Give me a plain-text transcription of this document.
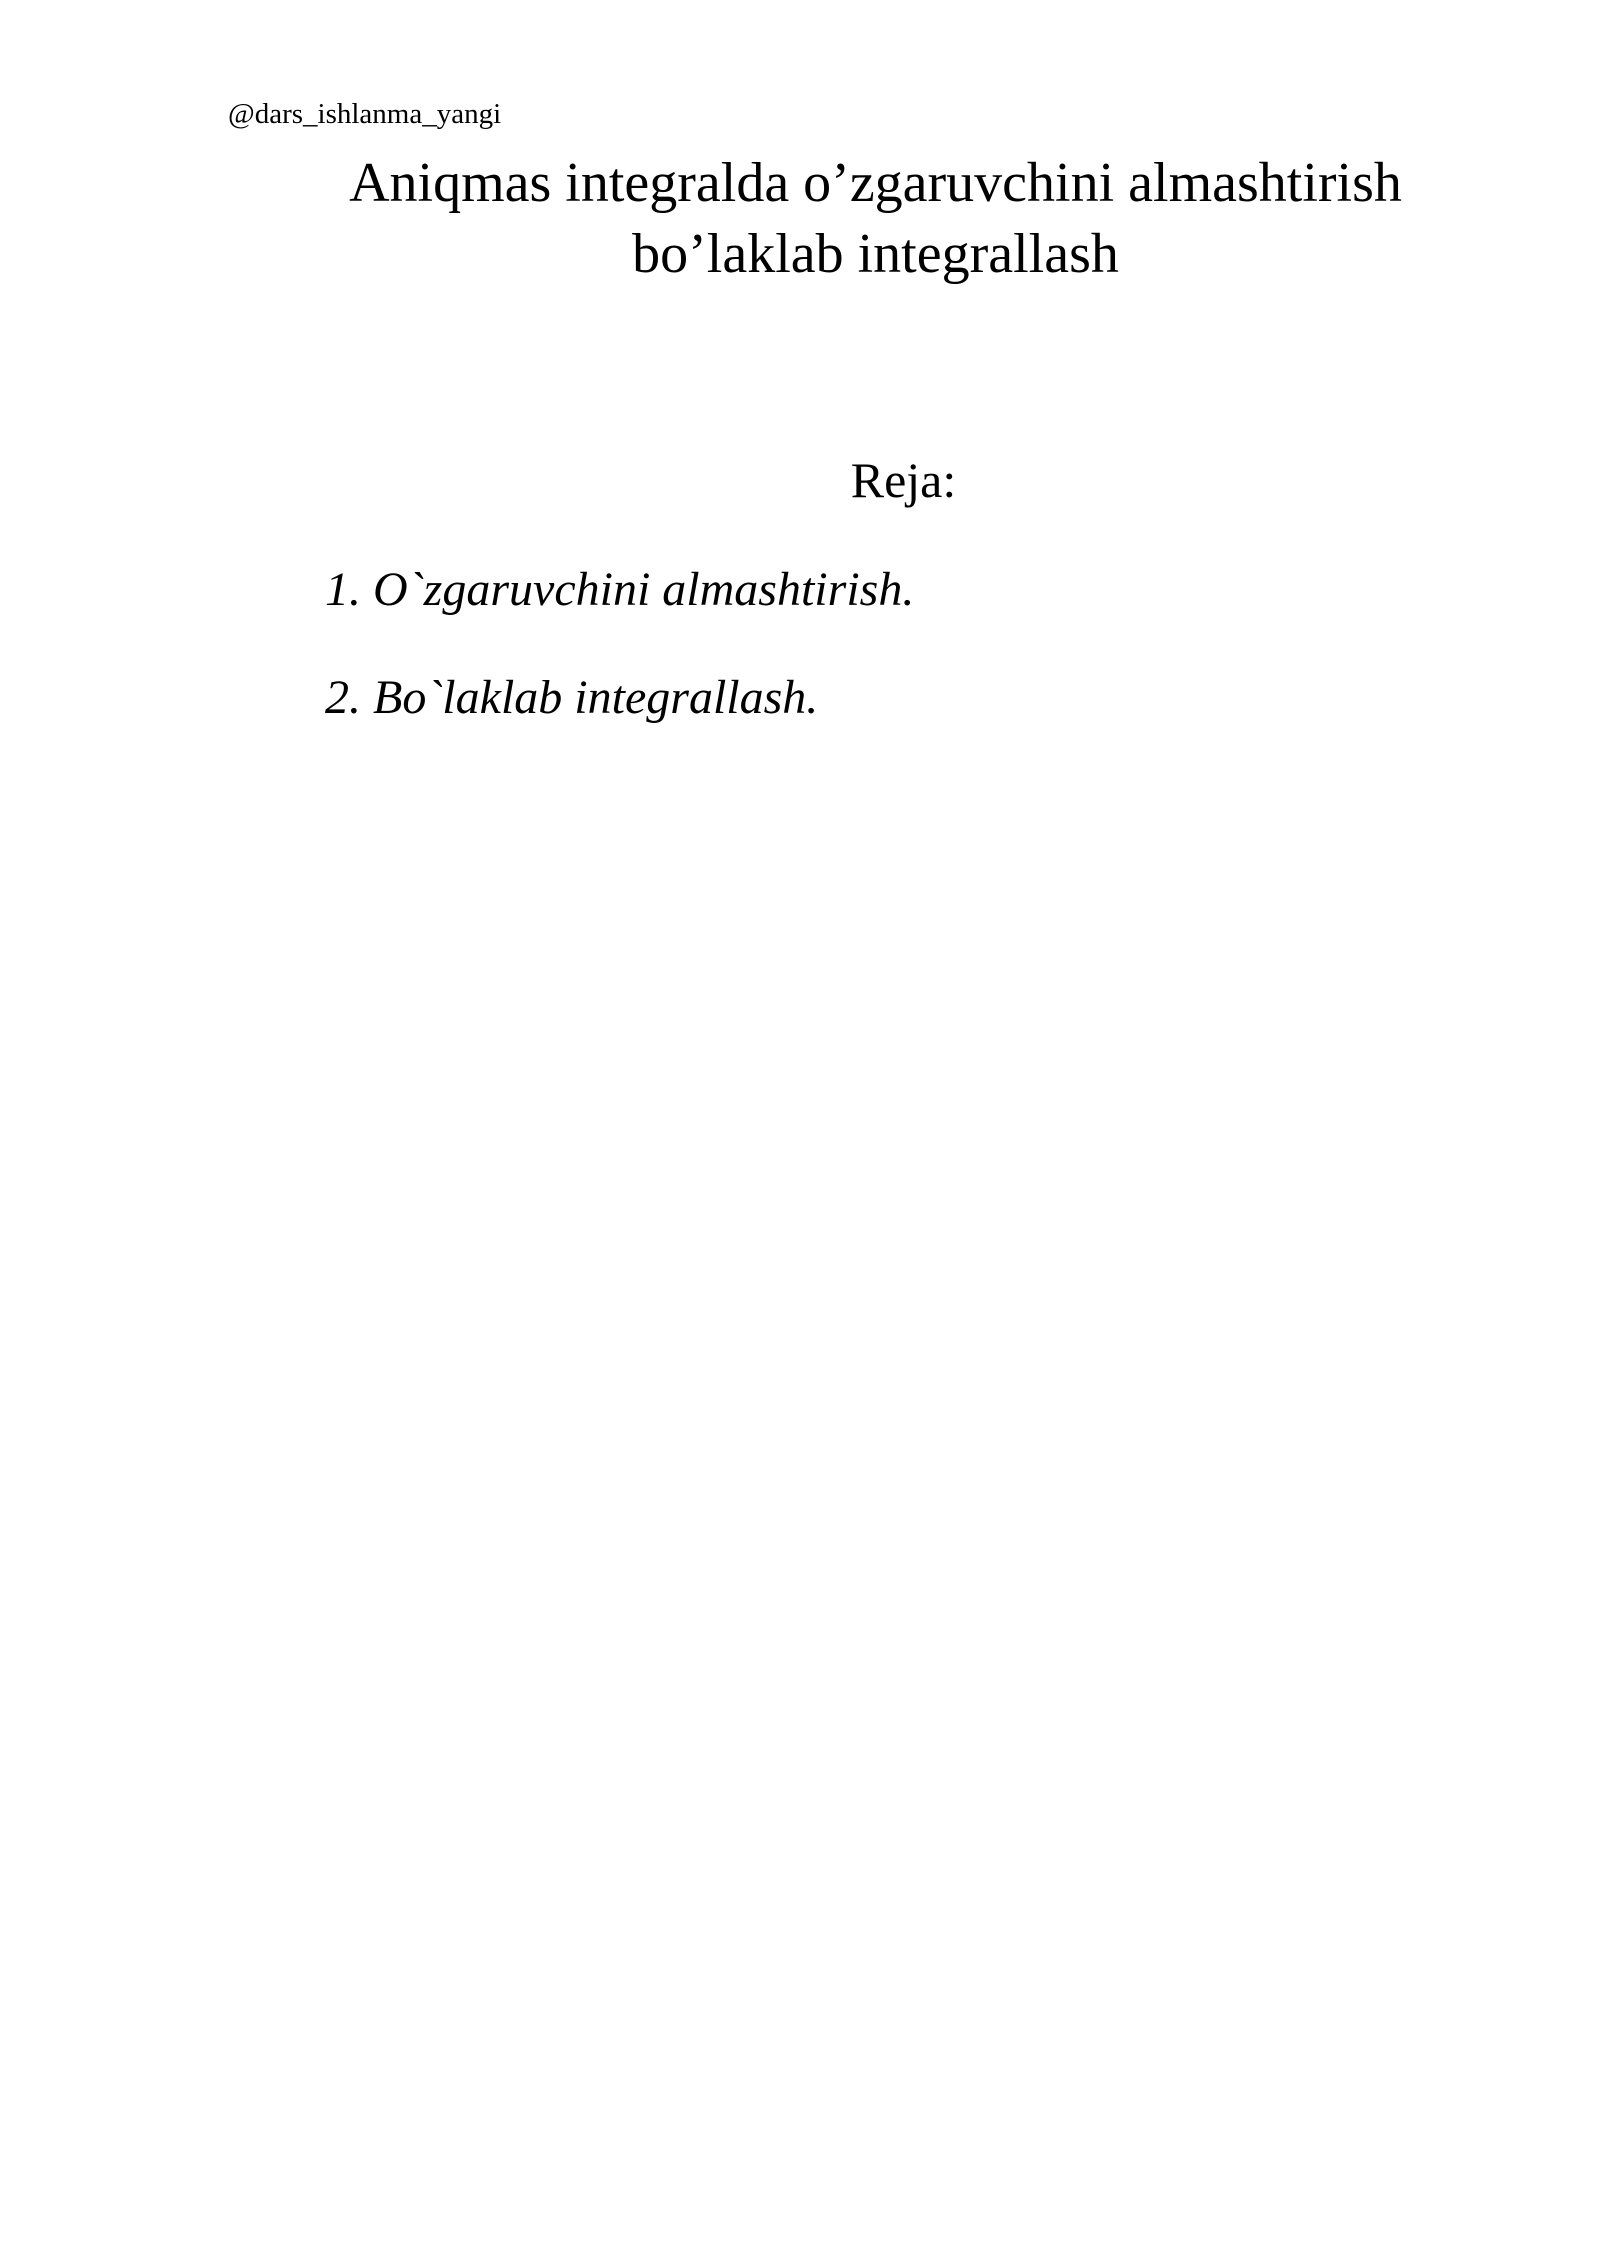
@dars_ishlanma_yangi
Aniqmas integralda o’zgaruvchini almashtirish
bo’laklab integrallash
Reja:
1. O`zgaruvchini almashtirish.
2. Bo`laklab integrallash.
